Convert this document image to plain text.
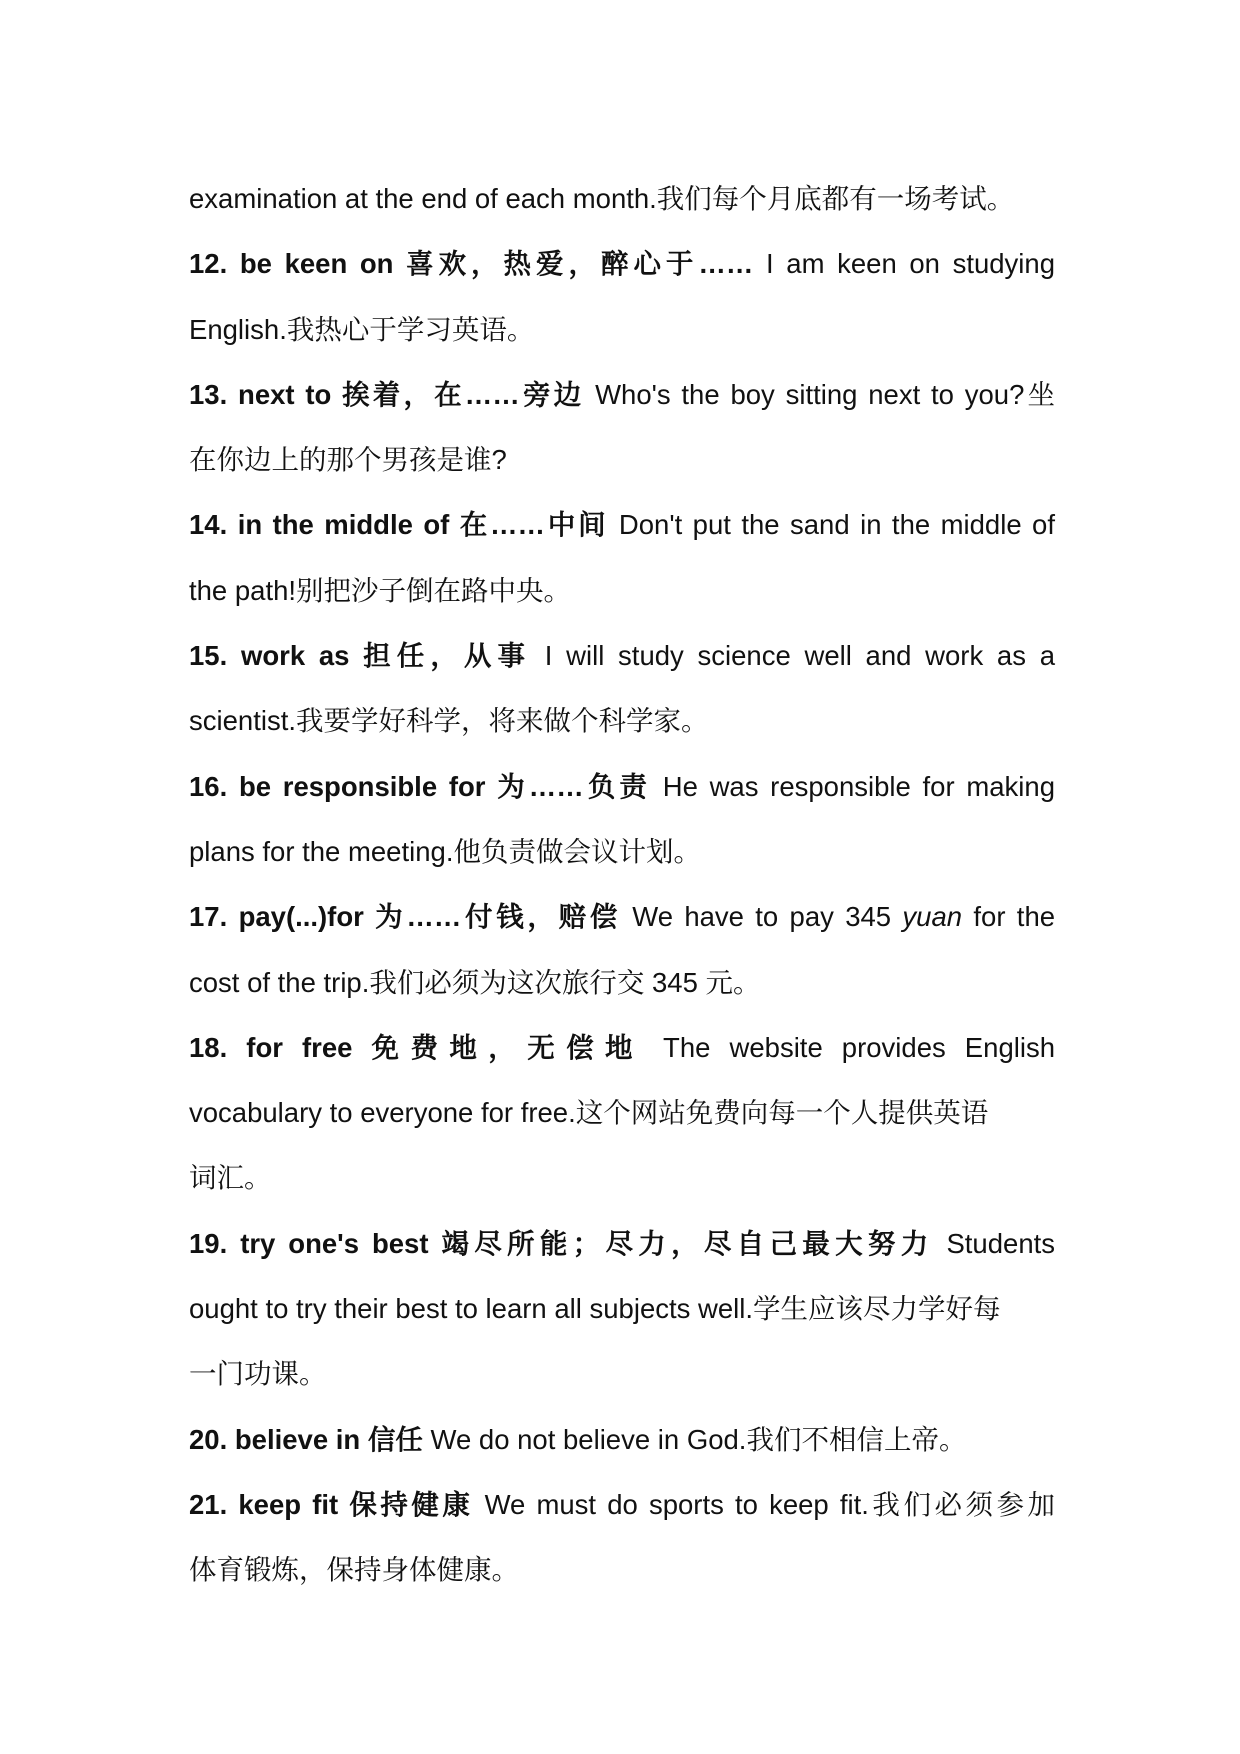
examination at the end of each month.我们每个月底都有一场考试。
12. be keen on 喜欢，热爱，醉心于…… I am keen on studying
English.我热心于学习英语。
13. next to 挨着，在……旁边 Who's the boy sitting next to you?坐
在你边上的那个男孩是谁?
14. in the middle of 在……中间 Don't put the sand in the middle of
the path!别把沙子倒在路中央。
15. work as 担任，从事 I will study science well and work as a
scientist.我要学好科学，将来做个科学家。
16. be responsible for 为……负责 He was responsible for making
plans for the meeting.他负责做会议计划。
17. pay(...)for 为……付钱，赔偿 We have to pay 345 yuan for the
cost of the trip.我们必须为这次旅行交 345 元。
18. for free 免费地，无偿地 The website provides English
vocabulary to everyone for free.这个网站免费向每一个人提供英语
词汇。
19. try one's best 竭尽所能；尽力，尽自己最大努力 Students
ought to try their best to learn all subjects well.学生应该尽力学好每
一门功课。
20. believe in 信任 We do not believe in God.我们不相信上帝。
21. keep fit 保持健康 We must do sports to keep fit.我们必须参加
体育锻炼，保持身体健康。
